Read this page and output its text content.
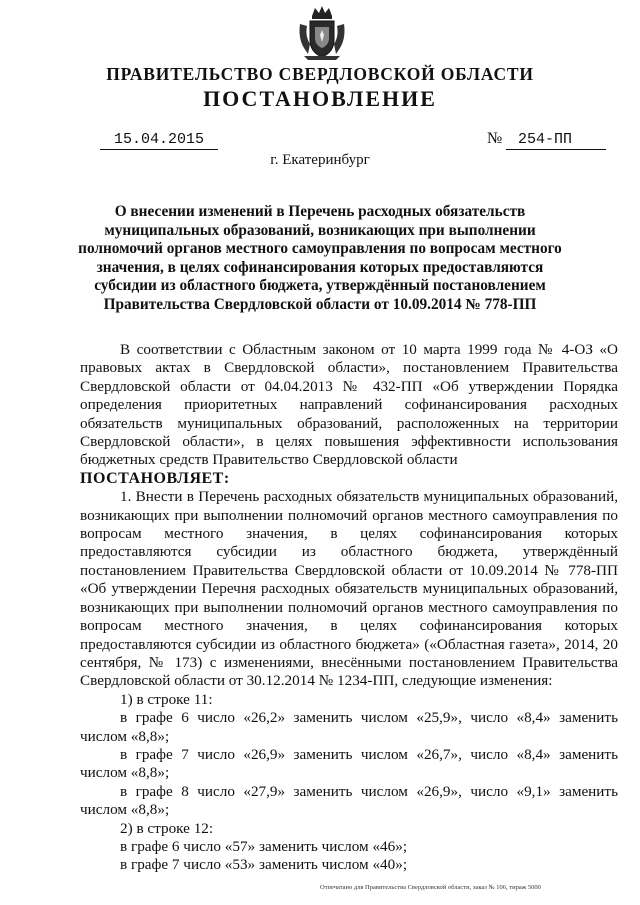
ПРАВИТЕЛЬСТВО СВЕРДЛОВСКОЙ ОБЛАСТИ
ПОСТАНОВЛЕНИЕ
15.04.2015	№	254-ПП
г. Екатеринбург
О внесении изменений в Перечень расходных обязательств муниципальных образований, возникающих при выполнении полномочий органов местного самоуправления по вопросам местного значения, в целях софинансирования которых предоставляются субсидии из областного бюджета, утверждённый постановлением Правительства Свердловской области от 10.09.2014 № 778-ПП

В соответствии с Областным законом от 10 марта 1999 года № 4-ОЗ «О правовых актах в Свердловской области», постановлением Правительства Свердловской области от 04.04.2013 № 432-ПП «Об утверждении Порядка определения приоритетных направлений софинансирования расходных обязательств муниципальных образований, расположенных на территории Свердловской области», в целях повышения эффективности использования бюджетных средств Правительство Свердловской области

ПОСТАНОВЛЯЕТ:

1. Внести в Перечень расходных обязательств муниципальных образований, возникающих при выполнении полномочий органов местного самоуправления по вопросам местного значения, в целях софинансирования которых предоставляются субсидии из областного бюджета, утверждённый постановлением Правительства Свердловской области от 10.09.2014 № 778-ПП «Об утверждении Перечня расходных обязательств муниципальных образований, возникающих при выполнении полномочий органов местного самоуправления по вопросам местного значения, в целях софинансирования которых предоставляются субсидии из областного бюджета» («Областная газета», 2014, 20 сентября, № 173) с изменениями, внесёнными постановлением Правительства Свердловской области от 30.12.2014 № 1234-ПП, следующие изменения:

1) в строке 11:

в графе 6 число «26,2» заменить числом «25,9», число «8,4» заменить числом «8,8»;

в графе 7 число «26,9» заменить числом «26,7», число «8,4» заменить числом «8,8»;

в графе 8 число «27,9» заменить числом «26,9», число «9,1» заменить числом «8,8»;

2) в строке 12:

в графе 6 число «57» заменить числом «46»;

в графе 7 число «53» заменить числом «40»;

Отпечатано для Правительства Свердловской области, заказ № 106, тираж 5000
